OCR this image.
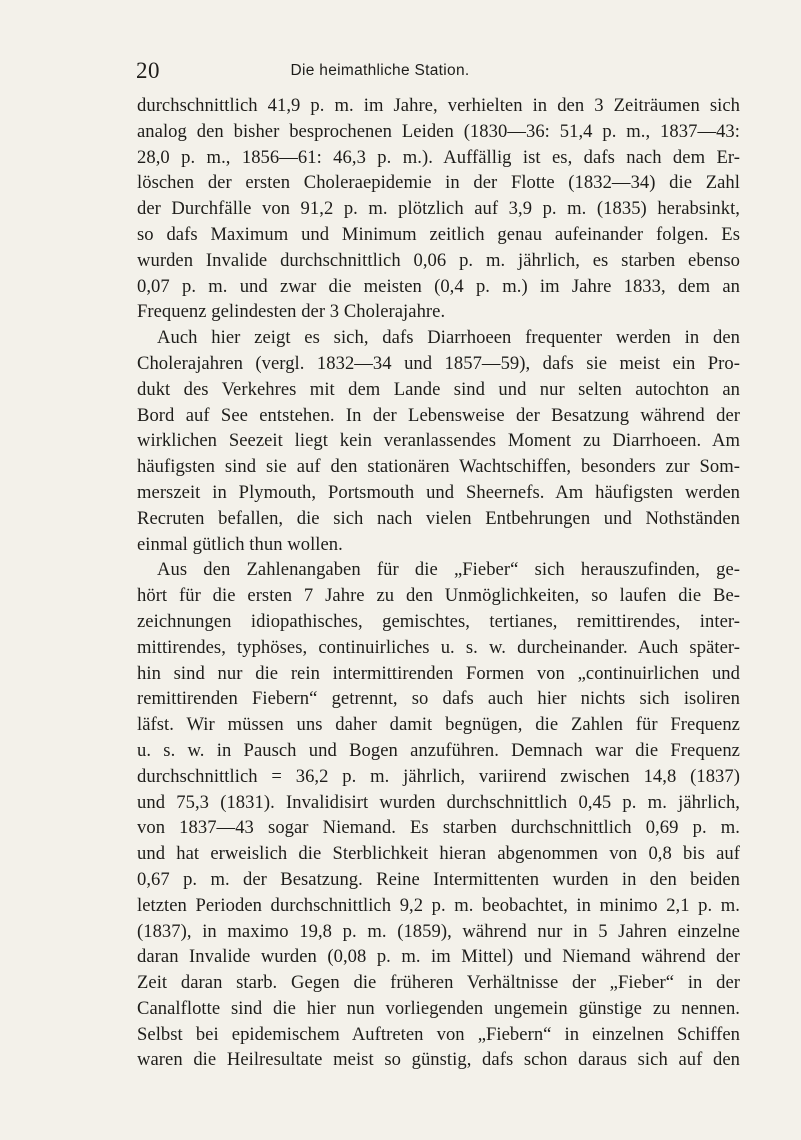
20	Die heimathliche Station.
durchschnittlich 41,9 p. m. im Jahre, verhielten in den 3 Zeiträumen sich
analog den bisher besprochenen Leiden (1830—36: 51,4 p. m., 1837—43:
28,0 p. m., 1856—61: 46,3 p. m.). Auffällig ist es, dafs nach dem Er-
löschen der ersten Choleraepidemie in der Flotte (1832—34) die Zahl
der Durchfälle von 91,2 p. m. plötzlich auf 3,9 p. m. (1835) herabsinkt,
so dafs Maximum und Minimum zeitlich genau aufeinander folgen. Es
wurden Invalide durchschnittlich 0,06 p. m. jährlich, es starben ebenso
0,07 p. m. und zwar die meisten (0,4 p. m.) im Jahre 1833, dem an
Frequenz gelindesten der 3 Cholerajahre.
Auch hier zeigt es sich, dafs Diarrhoeen frequenter werden in den
Cholerajahren (vergl. 1832—34 und 1857—59), dafs sie meist ein Pro-
dukt des Verkehres mit dem Lande sind und nur selten autochton an
Bord auf See entstehen. In der Lebensweise der Besatzung während der
wirklichen Seezeit liegt kein veranlassendes Moment zu Diarrhoeen. Am
häufigsten sind sie auf den stationären Wachtschiffen, besonders zur Som-
merszeit in Plymouth, Portsmouth und Sheernefs. Am häufigsten werden
Recruten befallen, die sich nach vielen Entbehrungen und Nothständen
einmal gütlich thun wollen.
Aus den Zahlenangaben für die „Fieber“ sich herauszufinden, ge-
hört für die ersten 7 Jahre zu den Unmöglichkeiten, so laufen die Be-
zeichnungen idiopathisches, gemischtes, tertianes, remittirendes, inter-
mittirendes, typhöses, continuirliches u. s. w. durcheinander. Auch später-
hin sind nur die rein intermittirenden Formen von „continuirlichen und
remittirenden Fiebern“ getrennt, so dafs auch hier nichts sich isoliren
läfst. Wir müssen uns daher damit begnügen, die Zahlen für Frequenz
u. s. w. in Pausch und Bogen anzuführen. Demnach war die Frequenz
durchschnittlich = 36,2 p. m. jährlich, variirend zwischen 14,8 (1837)
und 75,3 (1831). Invalidisirt wurden durchschnittlich 0,45 p. m. jährlich,
von 1837—43 sogar Niemand. Es starben durchschnittlich 0,69 p. m.
und hat erweislich die Sterblichkeit hieran abgenommen von 0,8 bis auf
0,67 p. m. der Besatzung. Reine Intermittenten wurden in den beiden
letzten Perioden durchschnittlich 9,2 p. m. beobachtet, in minimo 2,1 p. m.
(1837), in maximo 19,8 p. m. (1859), während nur in 5 Jahren einzelne
daran Invalide wurden (0,08 p. m. im Mittel) und Niemand während der
Zeit daran starb. Gegen die früheren Verhältnisse der „Fieber“ in der
Canalflotte sind die hier nun vorliegenden ungemein günstige zu nennen.
Selbst bei epidemischem Auftreten von „Fiebern“ in einzelnen Schiffen
waren die Heilresultate meist so günstig, dafs schon daraus sich auf den
